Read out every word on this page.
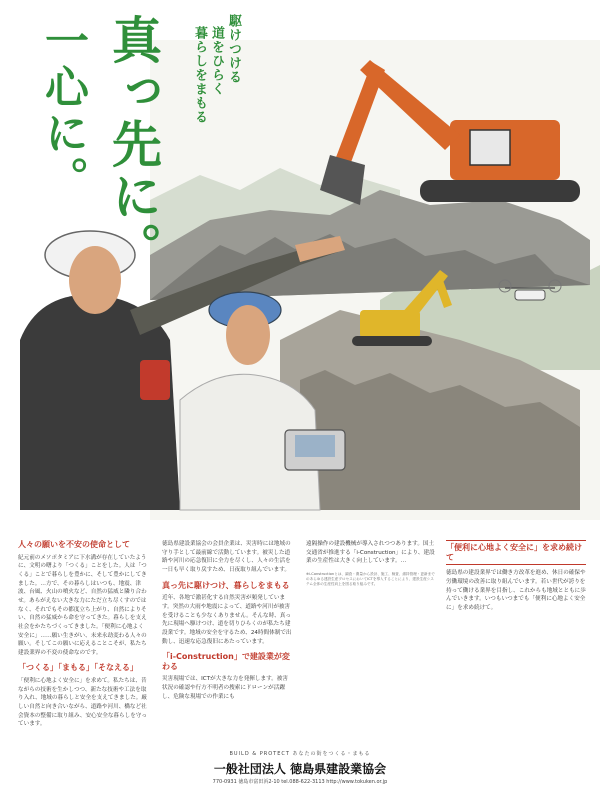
真っ先に。
一心に。	駆けつける
道をひらく
暮らしをまもる

人々の願いを不安の使命として

紀元前のメソポタミアに下水溝が存在していたように、文明の曙より「つくる」ことをした。人は「つくる」ことで暮らしを豊かに、そして豊かにしてきました。…方で、その暮らしはいつも、地震、津波、台風、火山の噴火など、自然の猛威と隣り合わせ。あらがえない大きな力にただ立ち尽くすのではなく、それでもその都度立ち上がり、自然によりそい、自然の猛威から命を守ってきた。暮らしを支え社会をかたちづくってきました。「便利に心地よく安全に」……願い生きがい、未来永劫変わる人々の願い。そしてこの願いに応えることこそが、私たち建設業界の不変の使命なのです。

「つくる」「まもる」「そなえる」

「便利に心地よく安全に」を求めて。私たちは、昔ながらの技術を生かしつつ、新たな技術や工法を取り入れ、地域の暮らしと安全を支えてきました。厳しい自然と向き合いながら、道路や河川、橋など社会資本の整備に取り組み、安心安全な暮らしを守っています。

徳島県建設業協会の会員企業は、災害時には地域の守り手として最前線で活動しています。被災した道路や河川の応急復旧に全力を尽くし、人々の生活を一日も早く取り戻すため、日夜取り組んでいます。

真っ先に駆けつけ、暮らしをまもる

近年、各地で激甚化する自然災害が頻発しています。突然の大雨や地震によって、道路や河川が被害を受けることも少なくありません。そんな時、真っ先に現場へ駆けつけ、道を切りひらくのが私たち建設業です。地域の安全を守るため、24時間体制で出動し、迅速な応急復旧にあたっています。

「i-Construction」で建設業が変わる

災害現場では、ICTが大きな力を発揮します。被害状況の確認や行方不明者の捜索にドローンが活躍し、危険な現場での作業にも

遠隔操作の建設機械が導入されつつあります。国土交通省が推進する「i-Construction」により、建設業の生産性は大きく向上しています。…

※i-Constructionとは、調査・測量から設計、施工、検査、維持管理・更新までのあらゆる建設生産プロセスにおいてICTを導入することにより、建設生産システム全体の生産性向上を図る取り組みです。

「便利に心地よく安全に」を求め続けて

徳島県の建設業界では働き方改革を進め、休日の確保や労働環境の改善に取り組んでいます。若い世代が誇りを持って働ける業界を目指し、これからも地域とともに歩んでいきます。いつもいつまでも「便利に心地よく安全に」を求め続けて。

BUILD & PROTECT あなたの街をつくる・まもる
一般社団法人 徳島県建設業協会
770-0931 徳島市富田浜2-10 tel.088-622-3113 http://www.tokuken.or.jp
